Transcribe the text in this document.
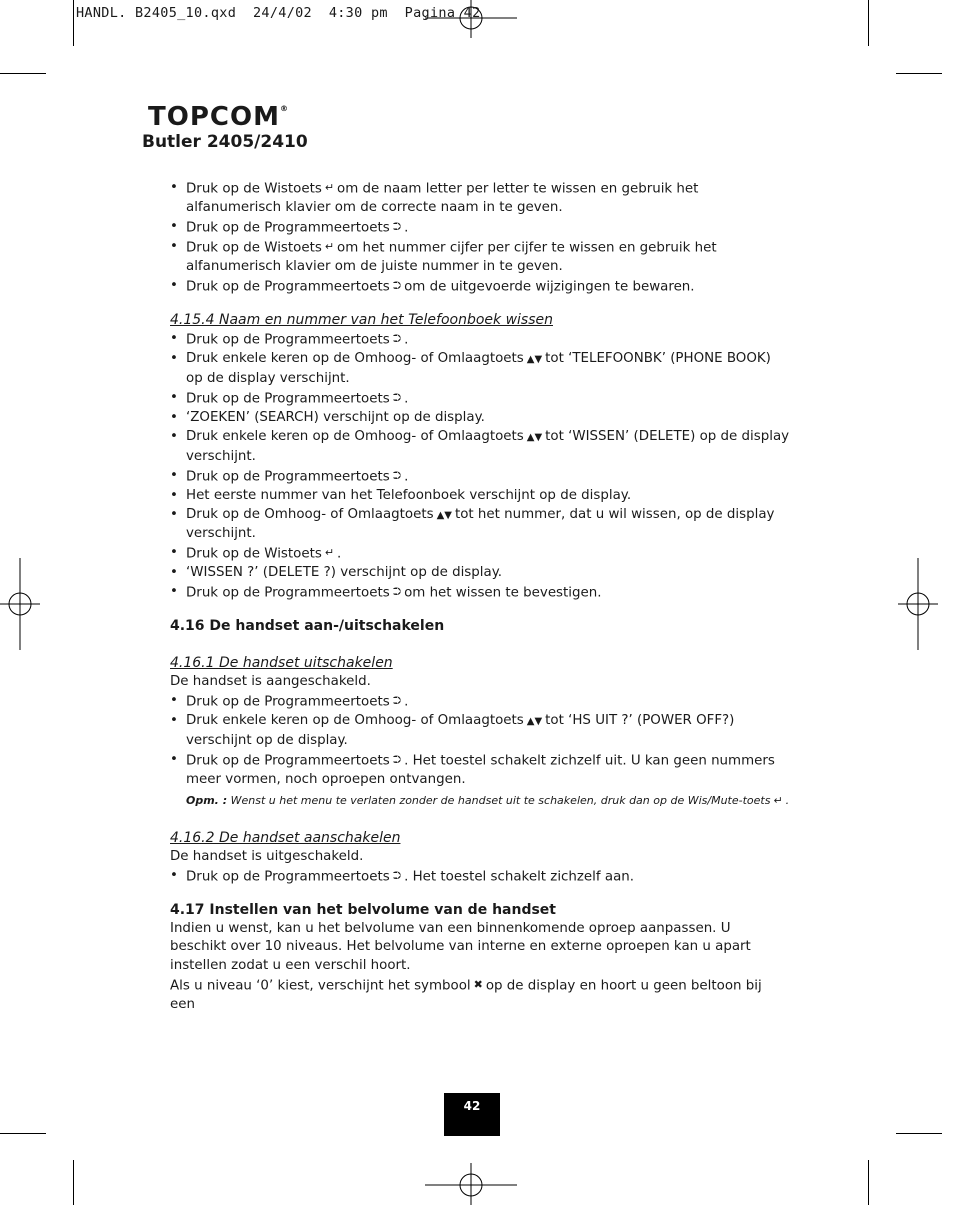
HANDL. B2405_10.qxd  24/4/02  4:30 pm  Pagina 42
TOPCOM®
Butler 2405/2410
• Druk op de Wistoets ↵ om de naam letter per letter te wissen en gebruik het alfanumerisch klavier om de correcte naam in te geven.
• Druk op de Programmeertoets ⮊ .
• Druk op de Wistoets ↵ om het nummer cijfer per cijfer te wissen en gebruik het alfanumerisch klavier om de juiste nummer in te geven.
• Druk op de Programmeertoets ⮊ om de uitgevoerde wijzigingen te bewaren.
4.15.4 Naam en nummer van het Telefoonboek wissen
• Druk op de Programmeertoets ⮊ .
• Druk enkele keren op de Omhoog- of Omlaagtoets ▲▼ tot ‘TELEFOONBK’ (PHONE BOOK) op de display verschijnt.
• Druk op de Programmeertoets ⮊ .
• ‘ZOEKEN’ (SEARCH) verschijnt op de display.
• Druk enkele keren op de Omhoog- of Omlaagtoets ▲▼ tot ‘WISSEN’ (DELETE) op de display verschijnt.
• Druk op de Programmeertoets ⮊ .
• Het eerste nummer van het Telefoonboek verschijnt op de display.
• Druk op de Omhoog- of Omlaagtoets ▲▼ tot het nummer, dat u wil wissen, op de display verschijnt.
• Druk op de Wistoets ↵ .
• ‘WISSEN ?’ (DELETE ?) verschijnt op de display.
• Druk op de Programmeertoets ⮊ om het wissen te bevestigen.
4.16 De handset aan-/uitschakelen
4.16.1 De handset uitschakelen
De handset is aangeschakeld.
• Druk op de Programmeertoets ⮊ .
• Druk enkele keren op de Omhoog- of Omlaagtoets ▲▼ tot ‘HS UIT ?’ (POWER OFF?) verschijnt op de display.
• Druk op de Programmeertoets ⮊ . Het toestel schakelt zichzelf uit. U kan geen nummers meer vormen, noch oproepen ontvangen.
Opm. : Wenst u het menu te verlaten zonder de handset uit te schakelen, druk dan op de Wis/Mute-toets ↵ .
4.16.2 De handset aanschakelen
De handset is uitgeschakeld.
• Druk op de Programmeertoets ⮊ . Het toestel schakelt zichzelf aan.
4.17 Instellen van het belvolume van de handset
Indien u wenst, kan u het belvolume van een binnenkomende oproep aanpassen. U beschikt over 10 niveaus. Het belvolume van interne en externe oproepen kan u apart instellen zodat u een verschil hoort.
Als u niveau ‘0’ kiest, verschijnt het symbool ✖ op de display en hoort u geen beltoon bij een
42
